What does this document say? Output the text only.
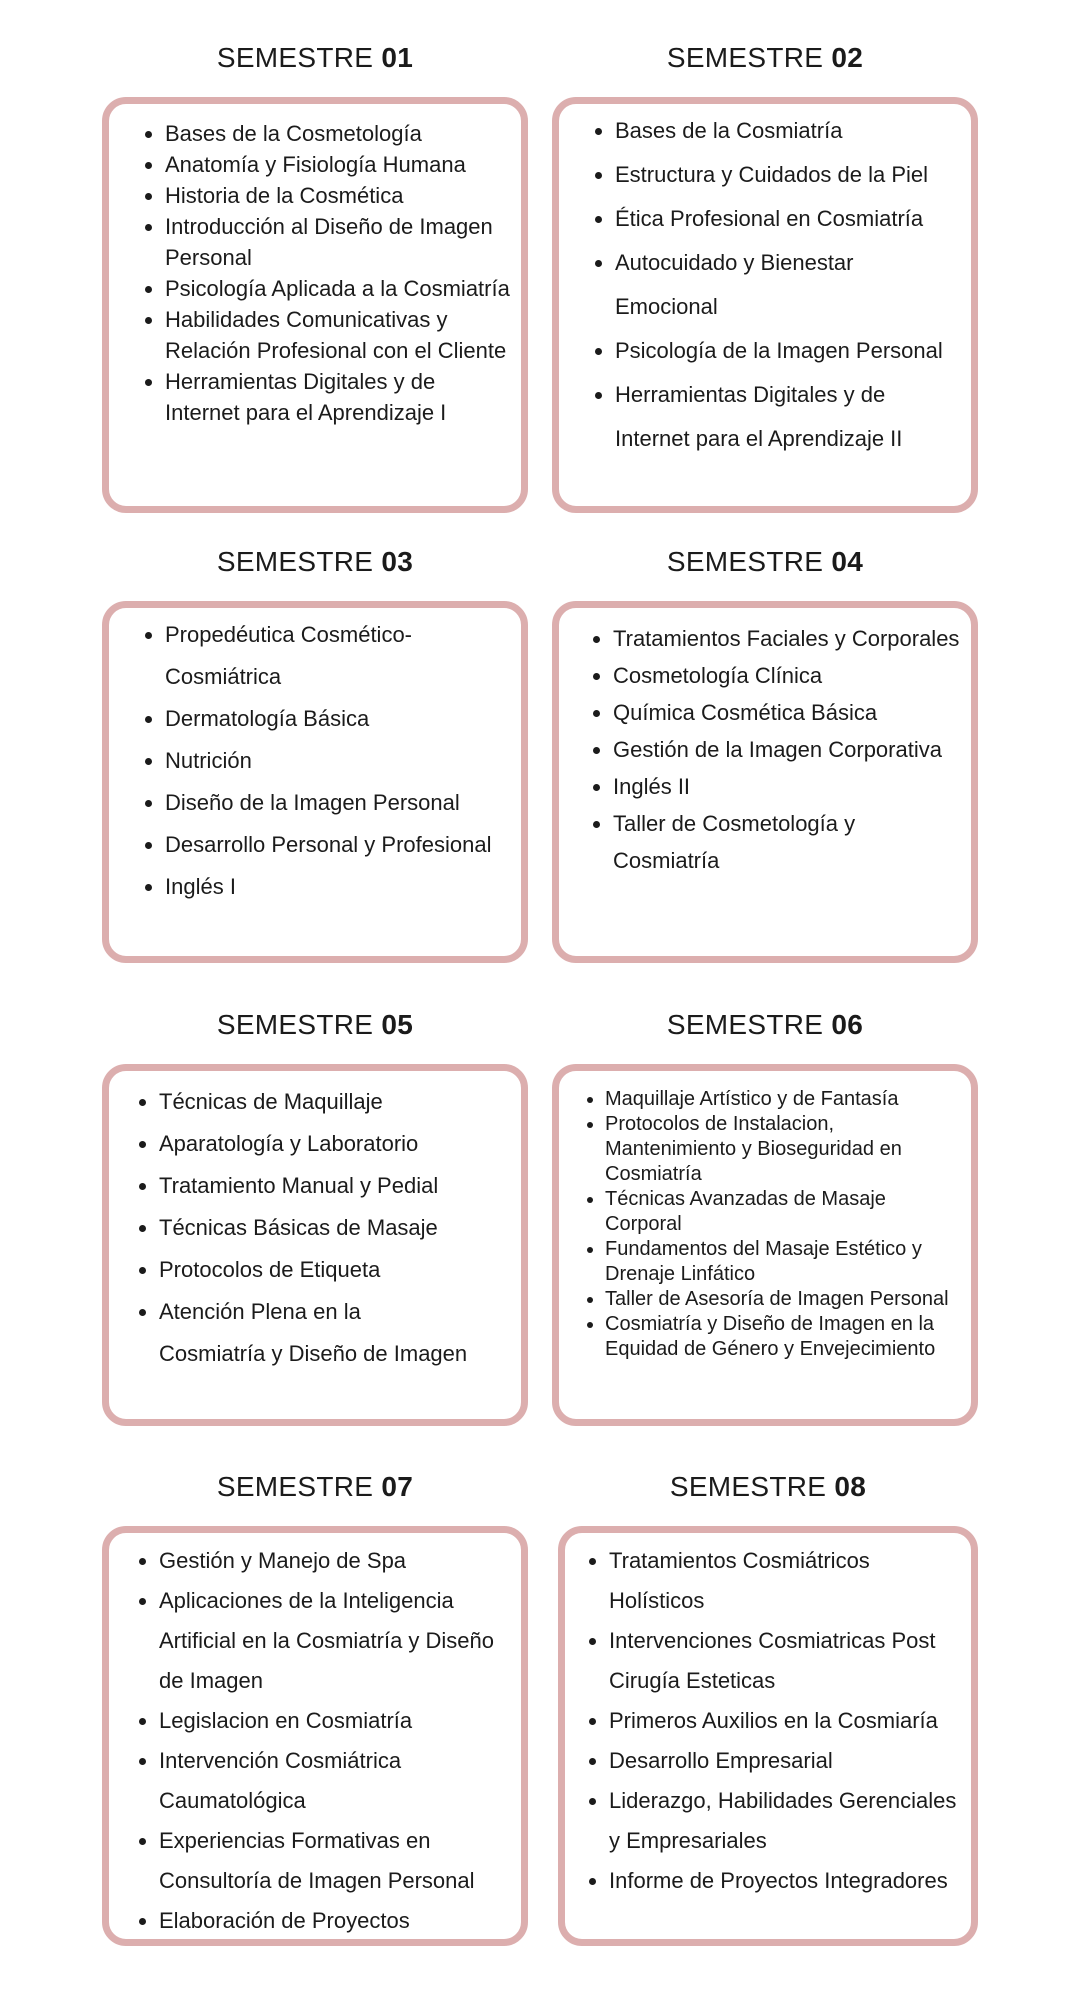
SEMESTRE 01
• Bases de la Cosmetología
• Anatomía y Fisiología Humana
• Historia de la Cosmética
• Introducción al Diseño de Imagen Personal
• Psicología Aplicada a la Cosmiatría
• Habilidades Comunicativas y Relación Profesional con el Cliente
• Herramientas Digitales y de Internet para el Aprendizaje I
SEMESTRE 02
• Bases de la Cosmiatría
• Estructura y Cuidados de la Piel
• Ética Profesional en Cosmiatría
• Autocuidado y Bienestar Emocional
• Psicología de la Imagen Personal
• Herramientas Digitales y de Internet para el Aprendizaje II
SEMESTRE 03
• Propedéutica Cosmético-Cosmiátrica
• Dermatología Básica
• Nutrición
• Diseño de la Imagen Personal
• Desarrollo Personal y Profesional
• Inglés I
SEMESTRE 04
• Tratamientos Faciales y Corporales
• Cosmetología Clínica
• Química Cosmética Básica
• Gestión de la Imagen Corporativa
• Inglés II
• Taller de Cosmetología y Cosmiatría
SEMESTRE 05
• Técnicas de Maquillaje
• Aparatología y Laboratorio
• Tratamiento Manual y Pedial
• Técnicas Básicas de Masaje
• Protocolos de Etiqueta
• Atención Plena en la Cosmiatría y Diseño de Imagen
SEMESTRE 06
• Maquillaje Artístico y de Fantasía
• Protocolos de Instalacion, Mantenimiento y Bioseguridad en Cosmiatría
• Técnicas Avanzadas de Masaje Corporal
• Fundamentos del Masaje Estético y Drenaje Linfático
• Taller de Asesoría de Imagen Personal
• Cosmiatría y Diseño de Imagen en la Equidad de Género y Envejecimiento
SEMESTRE 07
• Gestión y Manejo de Spa
• Aplicaciones de la Inteligencia Artificial en la Cosmiatría y Diseño de Imagen
• Legislacion en Cosmiatría
• Intervención Cosmiátrica Caumatológica
• Experiencias Formativas en Consultoría de Imagen Personal
• Elaboración de Proyectos
SEMESTRE 08
• Tratamientos Cosmiátricos Holísticos
• Intervenciones Cosmiatricas Post Cirugía Esteticas
• Primeros Auxilios en la Cosmiaría
• Desarrollo Empresarial
• Liderazgo, Habilidades Gerenciales y Empresariales
• Informe de Proyectos Integradores
